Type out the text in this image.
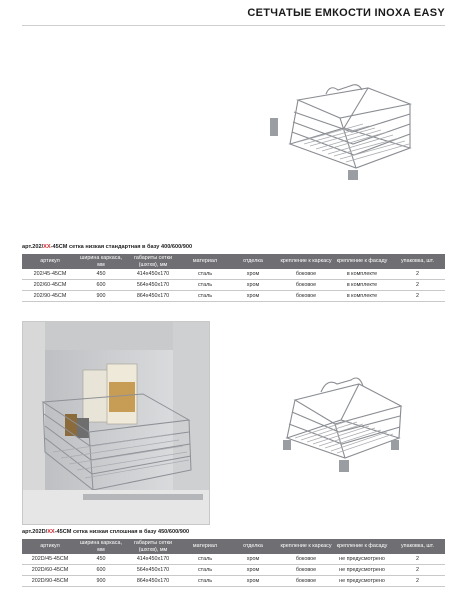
СЕТЧАТЫЕ ЕМКОСТИ INOXA EASY
арт.202/XX-45CM сетка низкая стандартная в базу 400/600/900
артикул	ширина каркаса, мм	габариты сетки (шхгхв), мм	материал	отделка	крепление к каркасу	крепление к фасаду	упаковка, шт.
202/45-45CM	450	414x450x170	сталь	хром	боковое	в комплекте	2
202/60-45CM	600	564x450x170	сталь	хром	боковое	в комплекте	2
202/90-45CM	900	864x450x170	сталь	хром	боковое	в комплекте	2
арт.202D/XX-45CM сетка низкая сплошная в базу 450/600/900
артикул	ширина каркаса, мм	габариты сетки (шхгхв), мм	материал	отделка	крепление к каркасу	крепление к фасаду	упаковка, шт.
202D/45-45CM	450	414x450x170	сталь	хром	боковое	не предусмотрено	2
202D/60-45CM	600	564x450x170	сталь	хром	боковое	не предусмотрено	2
202D/90-45CM	900	864x450x170	сталь	хром	боковое	не предусмотрено	2
